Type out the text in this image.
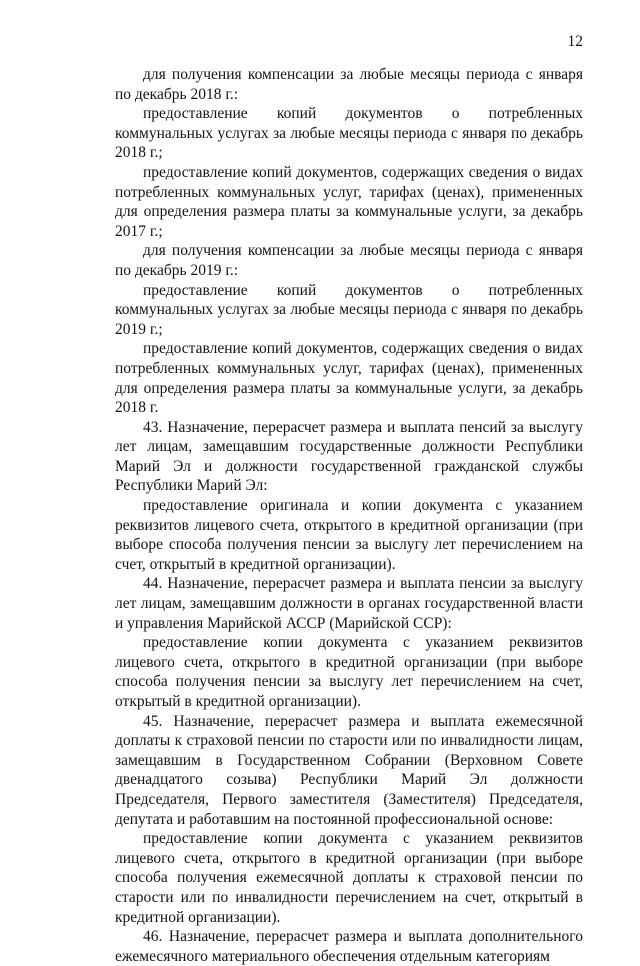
12

для получения компенсации за любые месяцы периода с января по декабрь 2018 г.:

предоставление копий документов о потребленных коммунальных услугах за любые месяцы периода с января по декабрь 2018 г.;

предоставление копий документов, содержащих сведения о видах потребленных коммунальных услуг, тарифах (ценах), примененных для определения размера платы за коммунальные услуги, за декабрь 2017 г.;

для получения компенсации за любые месяцы периода с января по декабрь 2019 г.:

предоставление копий документов о потребленных коммунальных услугах за любые месяцы периода с января по декабрь 2019 г.;

предоставление копий документов, содержащих сведения о видах потребленных коммунальных услуг, тарифах (ценах), примененных для определения размера платы за коммунальные услуги, за декабрь 2018 г.

43. Назначение, перерасчет размера и выплата пенсий за выслугу лет лицам, замещавшим государственные должности Республики Марий Эл и должности государственной гражданской службы Республики Марий Эл:

предоставление оригинала и копии документа с указанием реквизитов лицевого счета, открытого в кредитной организации (при выборе способа получения пенсии за выслугу лет перечислением на счет, открытый в кредитной организации).

44. Назначение, перерасчет размера и выплата пенсии за выслугу лет лицам, замещавшим должности в органах государственной власти и управления Марийской АССР (Марийской ССР):

предоставление копии документа с указанием реквизитов лицевого счета, открытого в кредитной организации (при выборе способа получения пенсии за выслугу лет перечислением на счет, открытый в кредитной организации).

45. Назначение, перерасчет размера и выплата ежемесячной доплаты к страховой пенсии по старости или по инвалидности лицам, замещавшим в Государственном Собрании (Верховном Совете двенадцатого созыва) Республики Марий Эл должности Председателя, Первого заместителя (Заместителя) Председателя, депутата и работавшим на постоянной профессиональной основе:

предоставление копии документа с указанием реквизитов лицевого счета, открытого в кредитной организации (при выборе способа получения ежемесячной доплаты к страховой пенсии по старости или по инвалидности перечислением на счет, открытый в кредитной организации).

46. Назначение, перерасчет размера и выплата дополнительного ежемесячного материального обеспечения отдельным категориям
